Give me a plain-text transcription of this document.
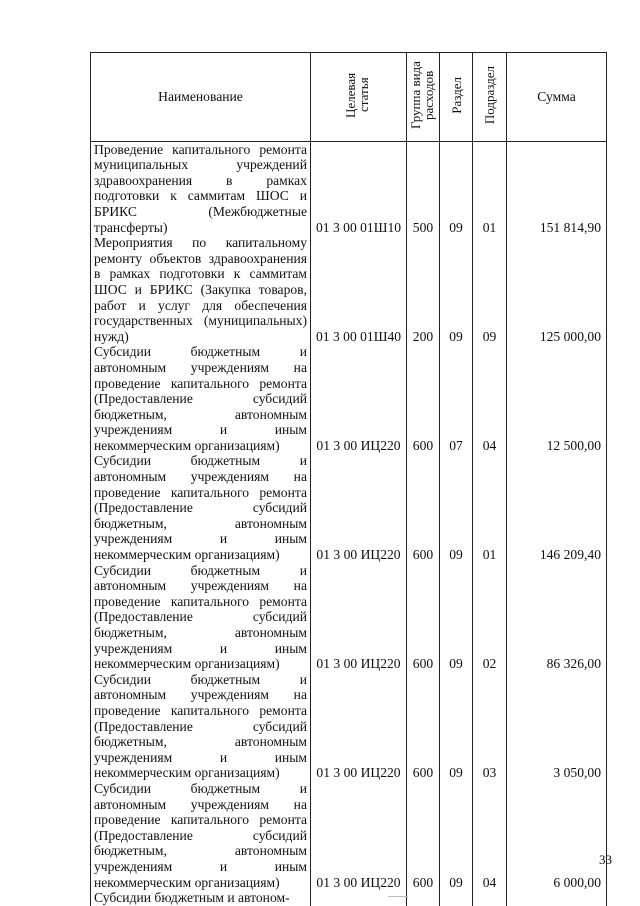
Наименование	Целевая статья	Группа вида расходов	Раздел	Подраздел	Сумма
Проведение капитального ремонта муниципальных учреждений здравоохранения в рамках подготовки к саммитам ШОС и БРИКС (Межбюджетные трансферты)	01 3 00 01Ш10	500	09	01	151 814,90
Мероприятия по капитальному ремонту объектов здравоохранения в рамках подготовки к саммитам ШОС и БРИКС (Закупка товаров, работ и услуг для обеспечения государственных (муниципальных) нужд)	01 3 00 01Ш40	200	09	09	125 000,00
Субсидии бюджетным и автономным учреждениям на проведение капитального ремонта (Предоставление субсидий бюджетным, автономным учреждениям и иным некоммерческим организациям)	01 3 00 ИЦ220	600	07	04	12 500,00
Субсидии бюджетным и автономным учреждениям на проведение капитального ремонта (Предоставление субсидий бюджетным, автономным учреждениям и иным некоммерческим организациям)	01 3 00 ИЦ220	600	09	01	146 209,40
Субсидии бюджетным и автономным учреждениям на проведение капитального ремонта (Предоставление субсидий бюджетным, автономным учреждениям и иным некоммерческим организациям)	01 3 00 ИЦ220	600	09	02	86 326,00
Субсидии бюджетным и автономным учреждениям на проведение капитального ремонта (Предоставление субсидий бюджетным, автономным учреждениям и иным некоммерческим организациям)	01 3 00 ИЦ220	600	09	03	3 050,00
Субсидии бюджетным и автономным учреждениям на проведение капитального ремонта (Предоставление субсидий бюджетным, автономным учреждениям и иным некоммерческим организациям)	01 3 00 ИЦ220	600	09	04	6 000,00
Субсидии бюджетным и автоном-					
33
